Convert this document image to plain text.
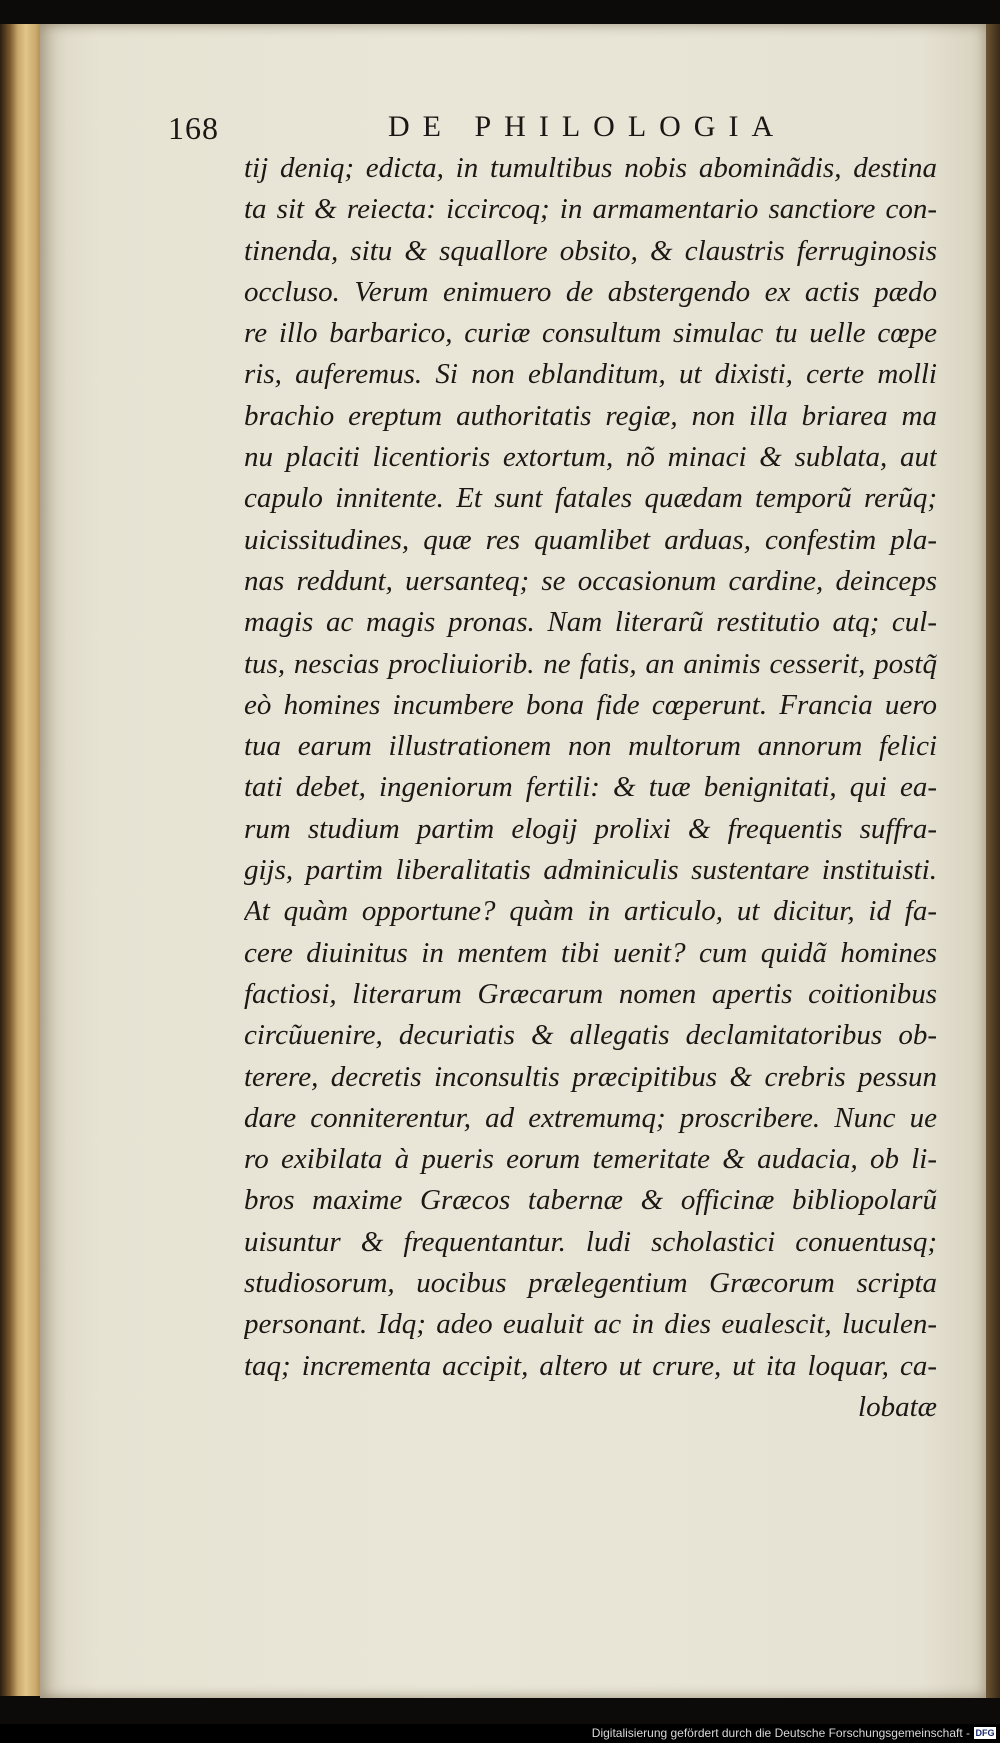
168	DE PHILOLOGIA
tij deniq; edicta, in tumultibus nobis abominãdis, destina
ta sit & reiecta: iccircoq; in armamentario sanctiore con-
tinenda, situ & squallore obsito, & claustris ferruginosis
occluso. Verum enimuero de abstergendo ex actis pædo
re illo barbarico, curiæ consultum simulac tu uelle cœpe
ris, auferemus. Si non eblanditum, ut dixisti, certe molli
brachio ereptum authoritatis regiæ, non illa briarea ma
nu placiti licentioris extortum, nõ minaci & sublata, aut
capulo innitente. Et sunt fatales quædam temporũ rerũq;
uicissitudines, quæ res quamlibet arduas, confestim pla-
nas reddunt, uersanteq; se occasionum cardine, deinceps
magis ac magis pronas. Nam literarũ restitutio atq; cul-
tus, nescias procliuiorib. ne fatis, an animis cesserit, postq̃
eò homines incumbere bona fide cœperunt. Francia uero
tua earum illustrationem non multorum annorum felici
tati debet, ingeniorum fertili: & tuæ benignitati, qui ea-
rum studium partim elogij prolixi & frequentis suffra-
gijs, partim liberalitatis adminiculis sustentare instituisti.
At quàm opportune? quàm in articulo, ut dicitur, id fa-
cere diuinitus in mentem tibi uenit? cum quidã homines
factiosi, literarum Græcarum nomen apertis coitionibus
circũuenire, decuriatis & allegatis declamitatoribus ob-
terere, decretis inconsultis præcipitibus & crebris pessun
dare conniterentur, ad extremumq; proscribere. Nunc ue
ro exibilata à pueris eorum temeritate & audacia, ob li-
bros maxime Græcos tabernæ & officinæ bibliopolarũ
uisuntur & frequentantur. ludi scholastici conuentusq;
studiosorum, uocibus prælegentium Græcorum scripta
personant. Idq; adeo eualuit ac in dies eualescit, luculen-
taq; incrementa accipit, altero ut crure, ut ita loquar, ca-
lobatæ
Digitalisierung gefördert durch die Deutsche Forschungsgemeinschaft - DFG
